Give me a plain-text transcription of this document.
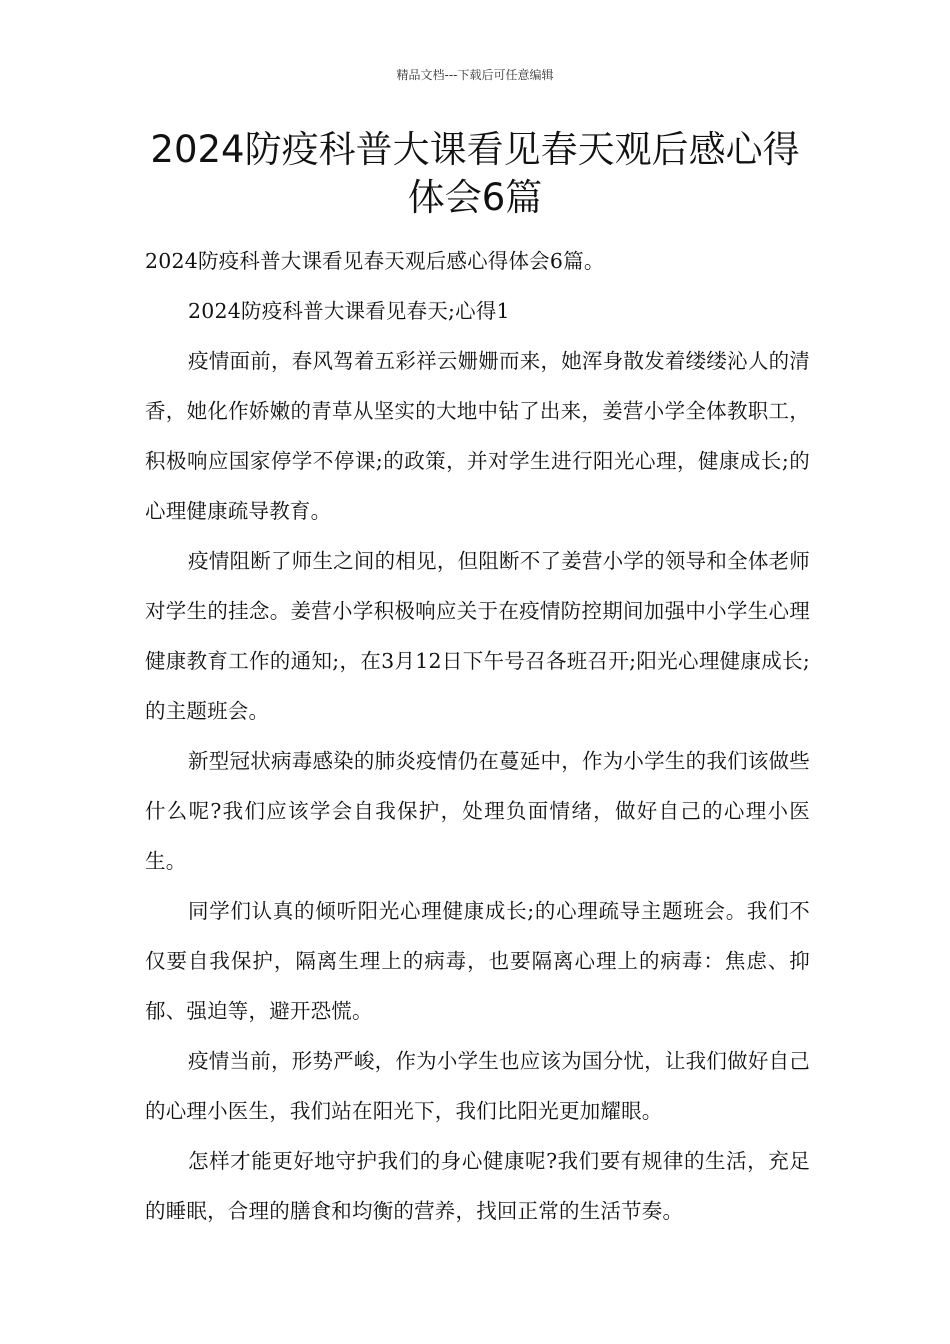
精品文档---下载后可任意编辑
2024防疫科普大课看见春天观后感心得体会6篇

2024防疫科普大课看见春天观后感心得体会6篇。

2024防疫科普大课看见春天;心得1

疫情面前，春风驾着五彩祥云姗姗而来，她浑身散发着缕缕沁人的清香，她化作娇嫩的青草从坚实的大地中钻了出来，姜营小学全体教职工，积极响应国家停学不停课;的政策，并对学生进行阳光心理，健康成长;的心理健康疏导教育。

疫情阻断了师生之间的相见，但阻断不了姜营小学的领导和全体老师对学生的挂念。姜营小学积极响应关于在疫情防控期间加强中小学生心理健康教育工作的通知;，在3月12日下午号召各班召开;阳光心理健康成长;的主题班会。

新型冠状病毒感染的肺炎疫情仍在蔓延中，作为小学生的我们该做些什么呢?我们应该学会自我保护，处理负面情绪，做好自己的心理小医生。

同学们认真的倾听阳光心理健康成长;的心理疏导主题班会。我们不仅要自我保护，隔离生理上的病毒，也要隔离心理上的病毒：焦虑、抑郁、强迫等，避开恐慌。

疫情当前，形势严峻，作为小学生也应该为国分忧，让我们做好自己的心理小医生，我们站在阳光下，我们比阳光更加耀眼。

怎样才能更好地守护我们的身心健康呢?我们要有规律的生活，充足的睡眠，合理的膳食和均衡的营养，找回正常的生活节奏。
